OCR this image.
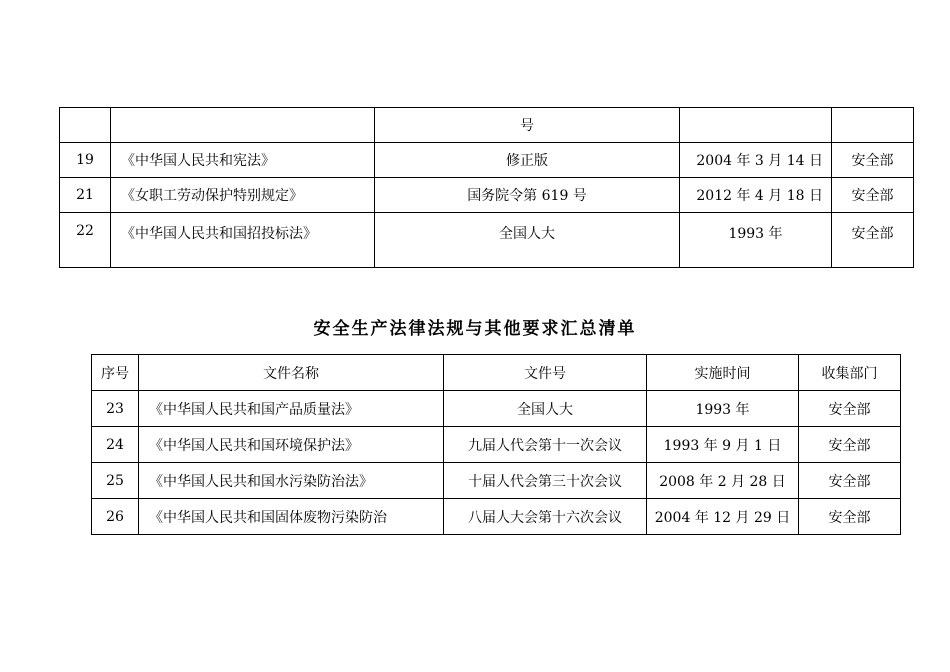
		号		
19	《中华国人民共和宪法》	修正版	2004 年 3 月 14 日	安全部
21	《女职工劳动保护特别规定》	国务院令第 619 号	2012 年 4 月 18 日	安全部
22	《中华国人民共和国招投标法》	全国人大	1993 年	安全部
安全生产法律法规与其他要求汇总清单
序号	文件名称	文件号	实施时间	收集部门
23	《中华国人民共和国产品质量法》	全国人大	1993 年	安全部
24	《中华国人民共和国环境保护法》	九届人代会第十一次会议	1993 年 9 月 1 日	安全部
25	《中华国人民共和国水污染防治法》	十届人代会第三十次会议	2008 年 2 月 28 日	安全部
26	《中华国人民共和国固体废物污染防治	八届人大会第十六次会议	2004 年 12 月 29 日	安全部
